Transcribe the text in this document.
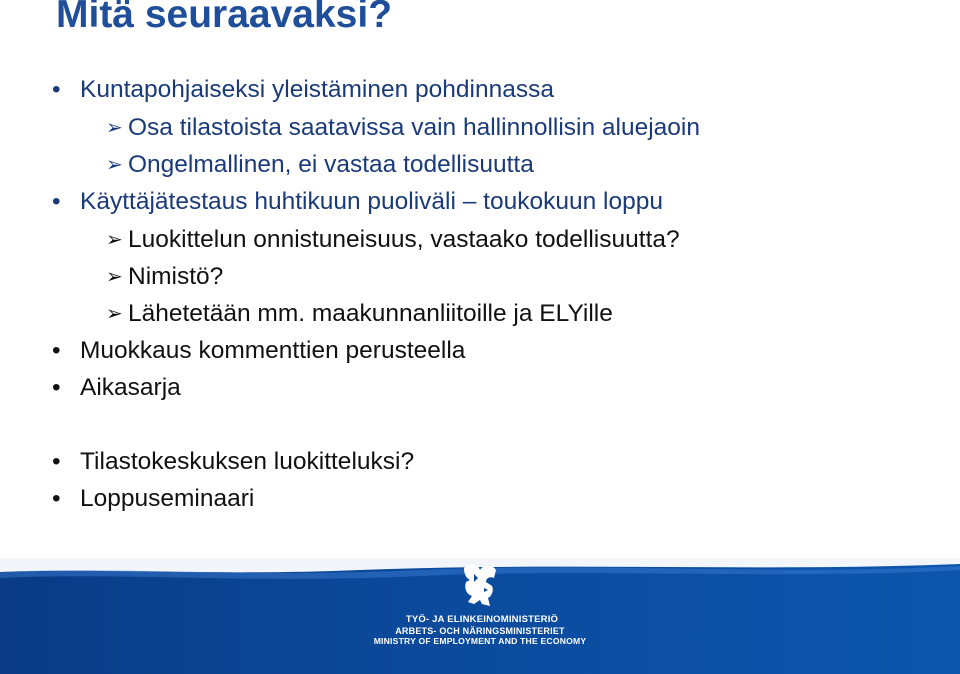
Mitä seuraavaksi?
• Kuntapohjaiseksi yleistäminen pohdinnassa
➢ Osa tilastoista saatavissa vain hallinnollisin aluejaoin
➢ Ongelmallinen, ei vastaa todellisuutta
• Käyttäjätestaus huhtikuun puoliväli – toukokuun loppu
➢ Luokittelun onnistuneisuus, vastaako todellisuutta?
➢ Nimistö?
➢ Lähetetään mm. maakunnanliitoille ja ELYille
• Muokkaus kommenttien perusteella
• Aikasarja
• Tilastokeskuksen luokitteluksi?
• Loppuseminaari
TYÖ- JA ELINKEINOMINISTERIÖ
ARBETS- OCH NÄRINGSMINISTERIET
MINISTRY OF EMPLOYMENT AND THE ECONOMY
